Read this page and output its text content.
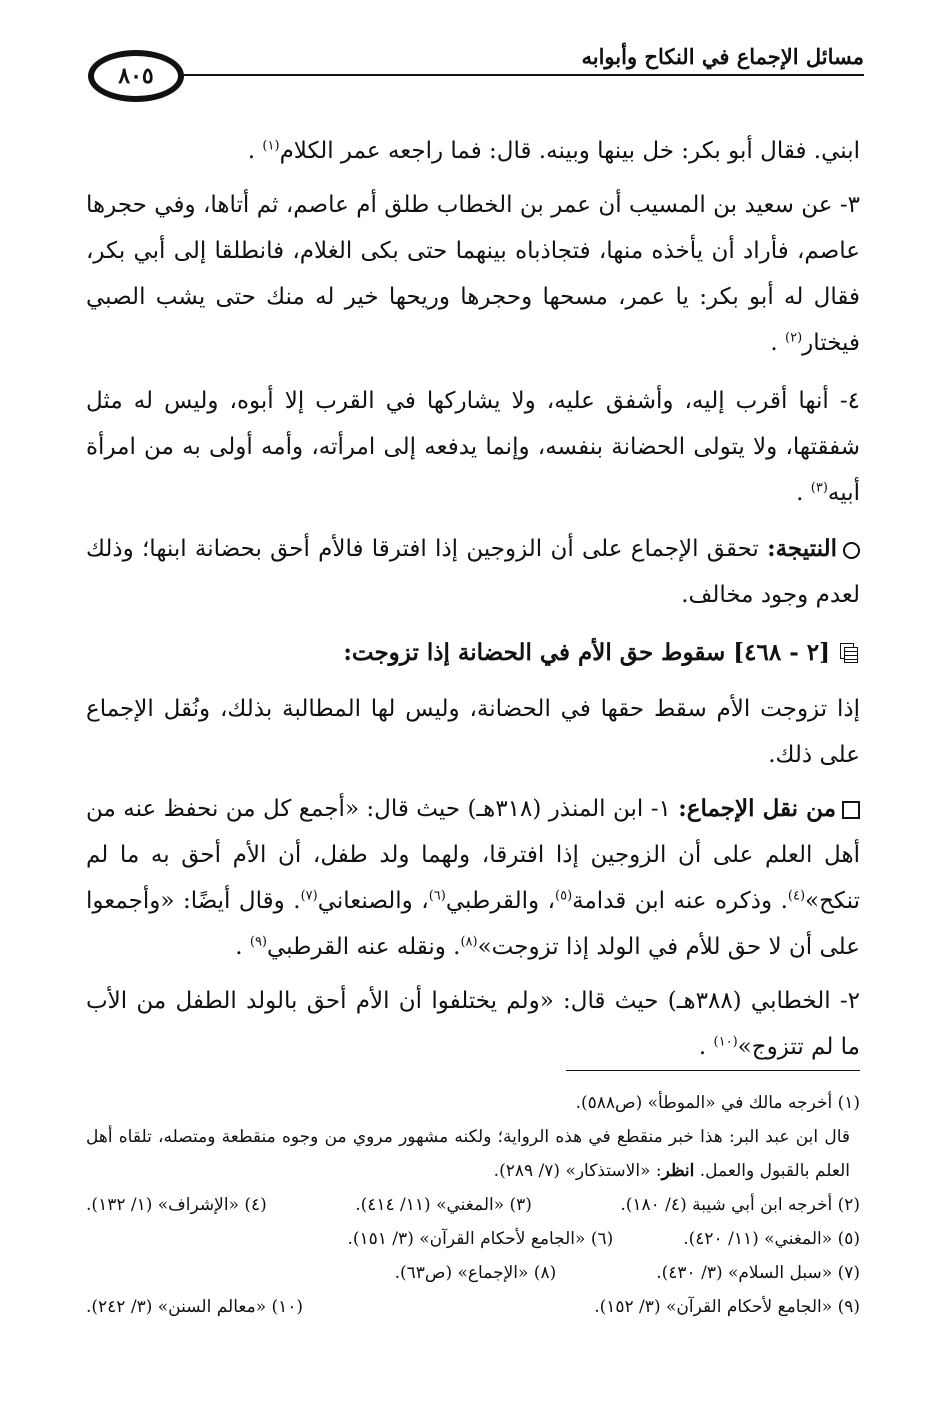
مسائل الإجماع في النكاح وأبوابه
٨٠٥

ابني. فقال أبو بكر: خل بينها وبينه. قال: فما راجعه عمر الكلام$^{(١)}$ .

٣- عن سعيد بن المسيب أن عمر بن الخطاب طلق أم عاصم، ثم أتاها، وفي حجرها عاصم، فأراد أن يأخذه منها، فتجاذباه بينهما حتى بكى الغلام، فانطلقا إلى أبي بكر، فقال له أبو بكر: يا عمر، مسحها وحجرها وريحها خير له منك حتى يشب الصبي فيختار$^{(٢)}$ .

٤- أنها أقرب إليه، وأشفق عليه، ولا يشاركها في القرب إلا أبوه، وليس له مثل شفقتها، ولا يتولى الحضانة بنفسه، وإنما يدفعه إلى امرأته، وأمه أولى به من امرأة أبيه$^{(٣)}$ .

النتيجة: تحقق الإجماع على أن الزوجين إذا افترقا فالأم أحق بحضانة ابنها؛ وذلك لعدم وجود مخالف.

[٢ - ٤٦٨] سقوط حق الأم في الحضانة إذا تزوجت:

إذا تزوجت الأم سقط حقها في الحضانة، وليس لها المطالبة بذلك، ونُقل الإجماع على ذلك.

من نقل الإجماع: ١- ابن المنذر (٣١٨هـ) حيث قال: «أجمع كل من نحفظ عنه من أهل العلم على أن الزوجين إذا افترقا، ولهما ولد طفل، أن الأم أحق به ما لم تنكح»$^{(٤)}$. وذكره عنه ابن قدامة$^{(٥)}$، والقرطبي$^{(٦)}$، والصنعاني$^{(٧)}$. وقال أيضًا: «وأجمعوا على أن لا حق للأم في الولد إذا تزوجت»$^{(٨)}$. ونقله عنه القرطبي$^{(٩)}$ .

٢- الخطابي (٣٨٨هـ) حيث قال: «ولم يختلفوا أن الأم أحق بالولد الطفل من الأب ما لم تتزوج»$^{(١٠)}$ .

(١) أخرجه مالك في «الموطأ» (ص٥٨٨).

قال ابن عبد البر: هذا خبر منقطع في هذه الرواية؛ ولكنه مشهور مروي من وجوه منقطعة ومتصله، تلقاه أهل العلم بالقبول والعمل. انظر: «الاستذكار» (٧/ ٢٨٩).

(٢) أخرجه ابن أبي شيبة (٤/ ١٨٠).
(٣) «المغني» (١١/ ٤١٤).
(٤) «الإشراف» (١/ ١٣٢).
(٥) «المغني» (١١/ ٤٢٠).
(٦) «الجامع لأحكام القرآن» (٣/ ١٥١).
(٧) «سبل السلام» (٣/ ٤٣٠).
(٨) «الإجماع» (ص٦٣).
(٩) «الجامع لأحكام القرآن» (٣/ ١٥٢).
(١٠) «معالم السنن» (٣/ ٢٤٢).
